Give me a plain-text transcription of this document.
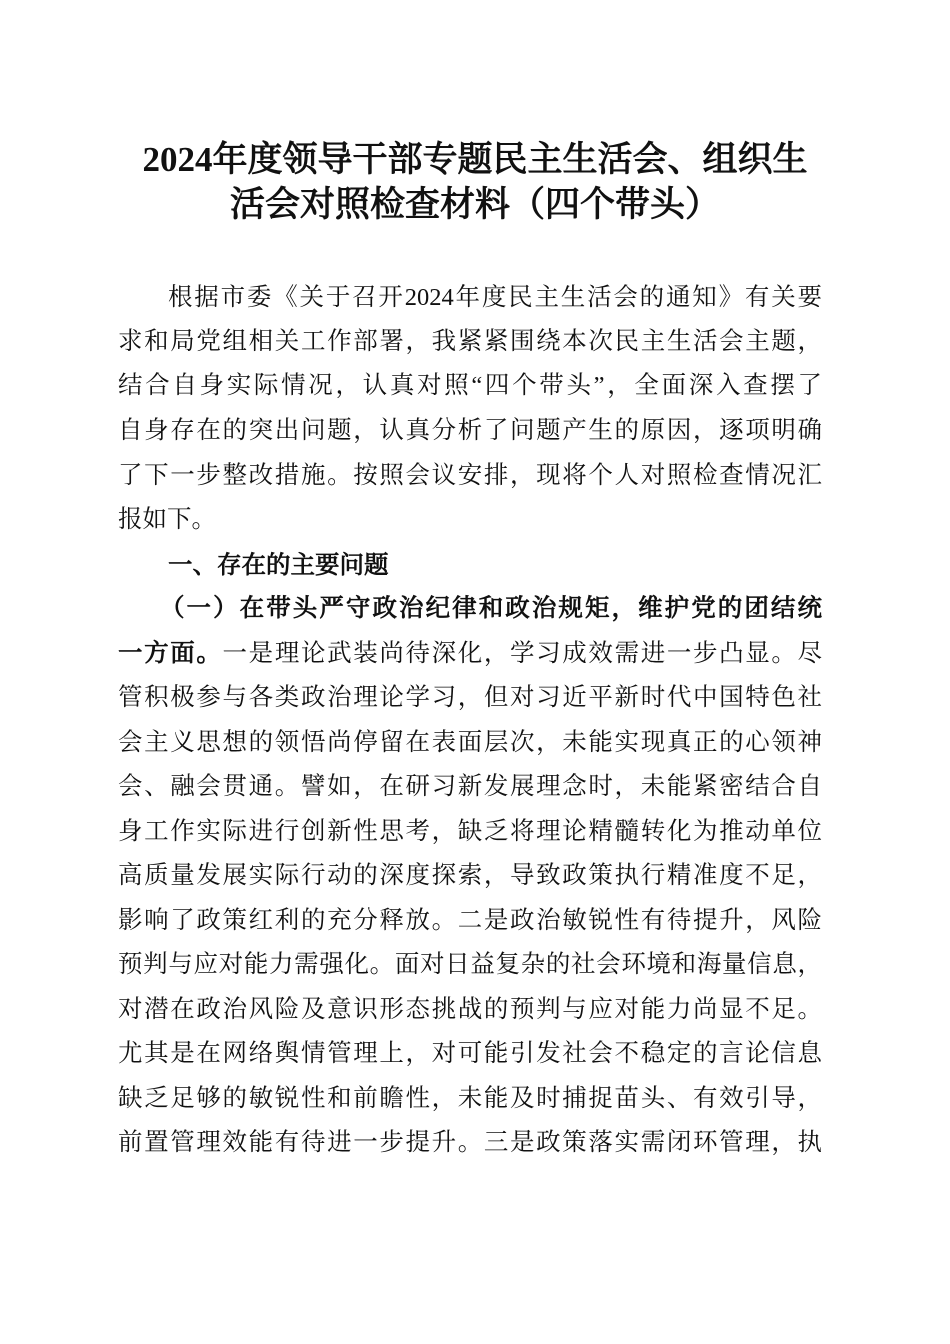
2024年度领导干部专题民主生活会、组织生
活会对照检查材料（四个带头）
根据市委《关于召开2024年度民主生活会的通知》有关要
求和局党组相关工作部署，我紧紧围绕本次民主生活会主题，
结合自身实际情况，认真对照“四个带头”，全面深入查摆了
自身存在的突出问题，认真分析了问题产生的原因，逐项明确
了下一步整改措施。按照会议安排，现将个人对照检查情况汇
报如下。
一、存在的主要问题
（一）在带头严守政治纪律和政治规矩，维护党的团结统
一方面。一是理论武装尚待深化，学习成效需进一步凸显。尽
管积极参与各类政治理论学习，但对习近平新时代中国特色社
会主义思想的领悟尚停留在表面层次，未能实现真正的心领神
会、融会贯通。譬如，在研习新发展理念时，未能紧密结合自
身工作实际进行创新性思考，缺乏将理论精髓转化为推动单位
高质量发展实际行动的深度探索，导致政策执行精准度不足，
影响了政策红利的充分释放。二是政治敏锐性有待提升，风险
预判与应对能力需强化。面对日益复杂的社会环境和海量信息，
对潜在政治风险及意识形态挑战的预判与应对能力尚显不足。
尤其是在网络舆情管理上，对可能引发社会不稳定的言论信息
缺乏足够的敏锐性和前瞻性，未能及时捕捉苗头、有效引导，
前置管理效能有待进一步提升。三是政策落实需闭环管理，执
